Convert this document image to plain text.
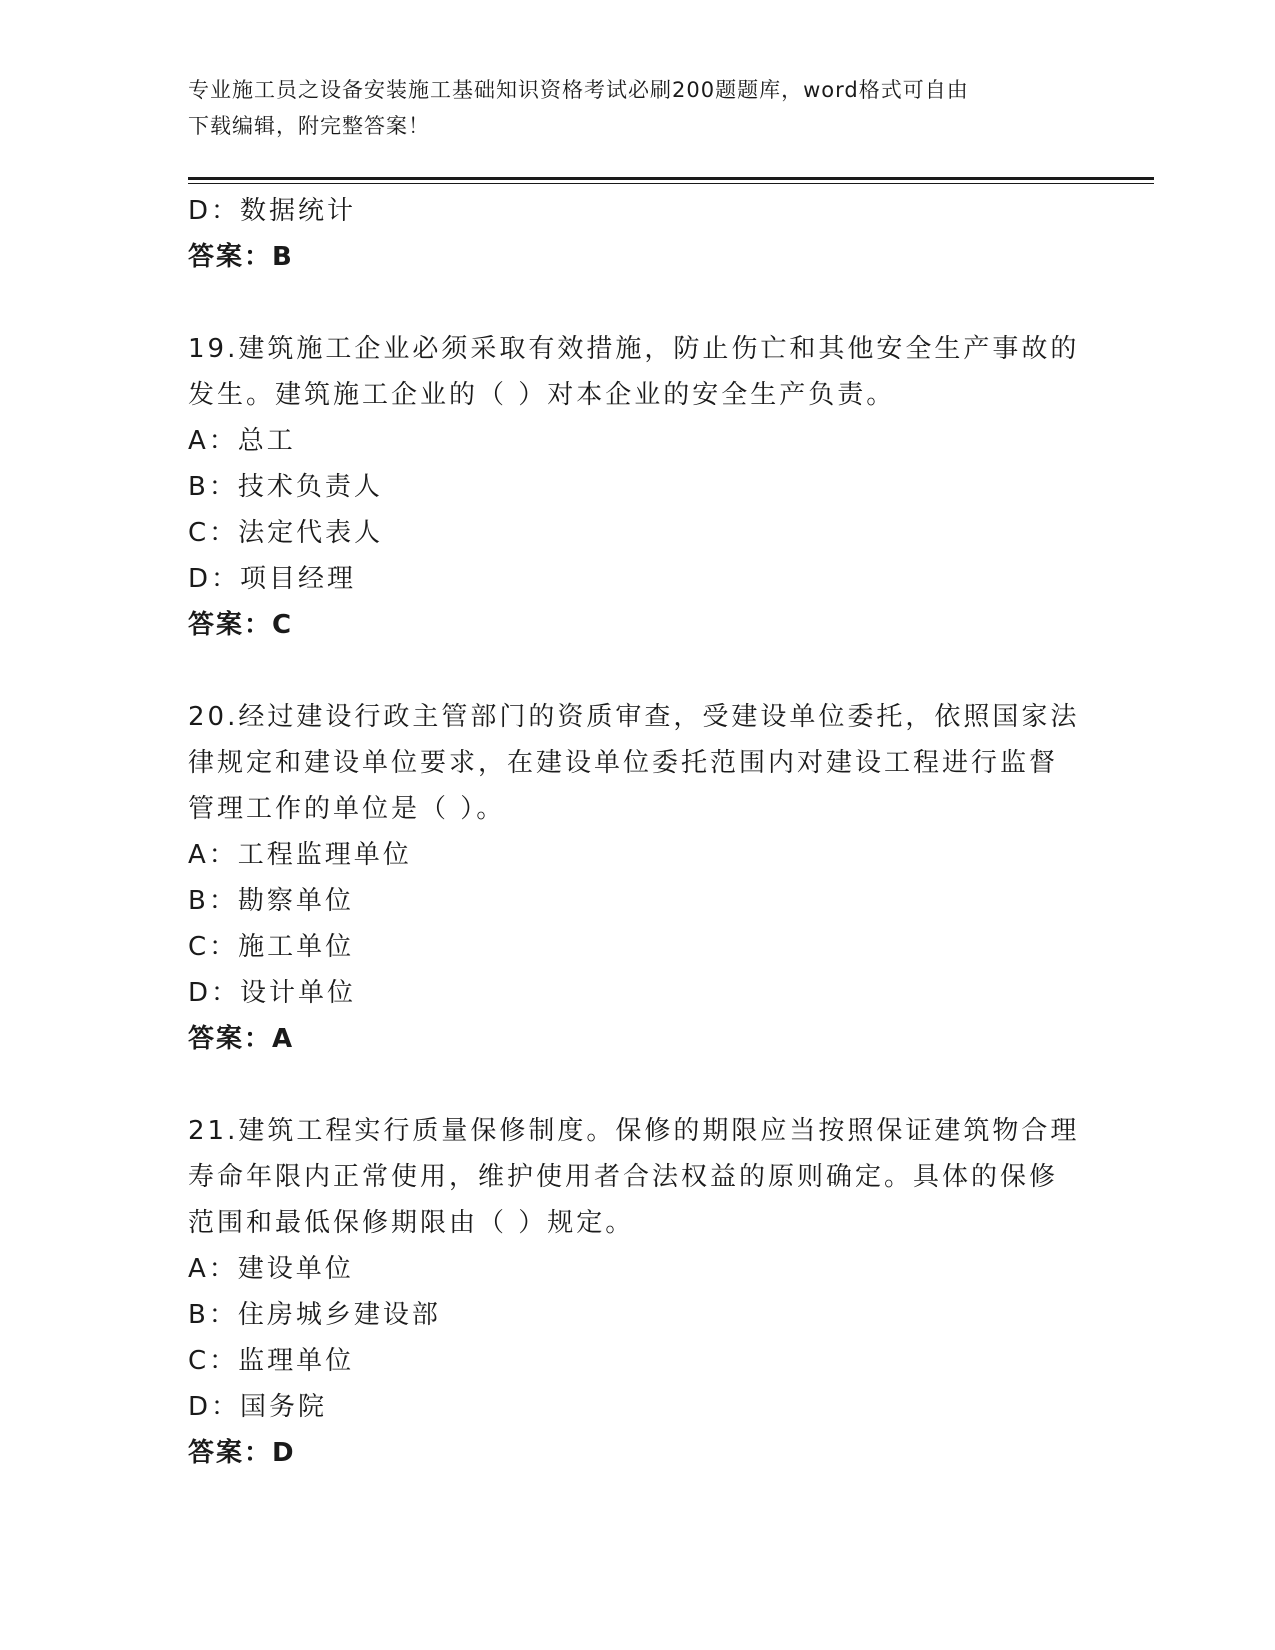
专业施工员之设备安装施工基础知识资格考试必刷200题题库，word格式可自由
下载编辑，附完整答案！
D：数据统计
答案：B
19.建筑施工企业必须采取有效措施，防止伤亡和其他安全生产事故的
发生。建筑施工企业的（ ）对本企业的安全生产负责。
A：总工
B：技术负责人
C：法定代表人
D：项目经理
答案：C
20.经过建设行政主管部门的资质审查，受建设单位委托，依照国家法
律规定和建设单位要求，在建设单位委托范围内对建设工程进行监督
管理工作的单位是（ ）。
A：工程监理单位
B：勘察单位
C：施工单位
D：设计单位
答案：A
21.建筑工程实行质量保修制度。保修的期限应当按照保证建筑物合理
寿命年限内正常使用，维护使用者合法权益的原则确定。具体的保修
范围和最低保修期限由（ ）规定。
A：建设单位
B：住房城乡建设部
C：监理单位
D：国务院
答案：D
